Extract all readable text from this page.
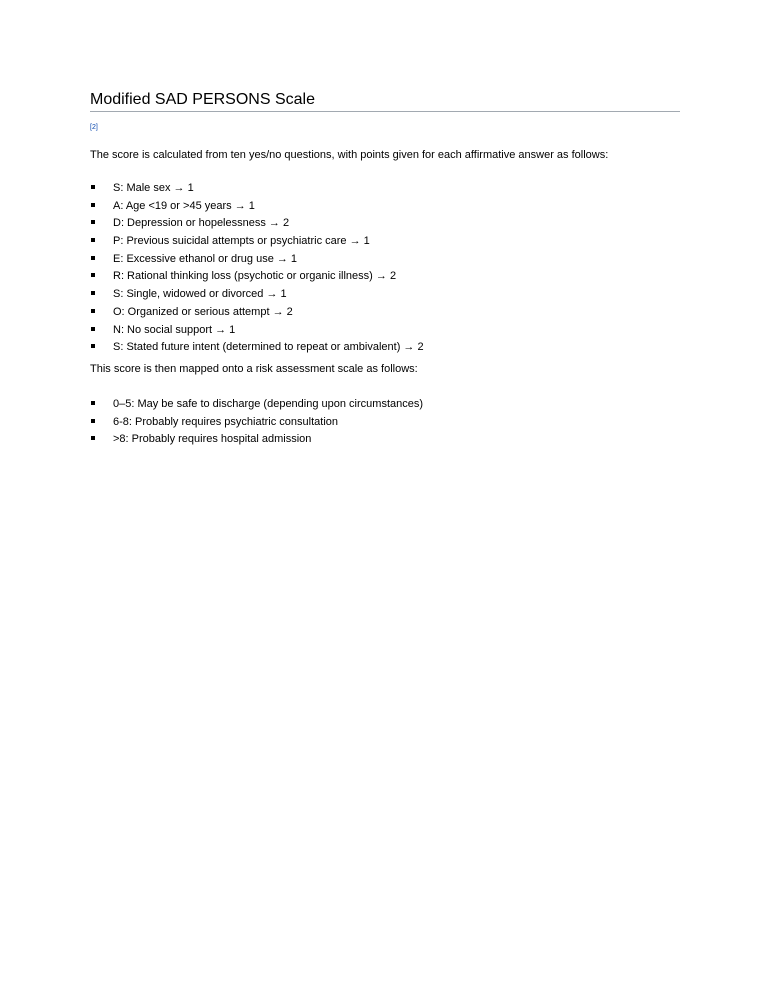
Modified SAD PERSONS Scale
[2]

The score is calculated from ten yes/no questions, with points given for each affirmative answer as follows:

S: Male sex → 1
A: Age <19 or >45 years → 1
D: Depression or hopelessness → 2
P: Previous suicidal attempts or psychiatric care → 1
E: Excessive ethanol or drug use → 1
R: Rational thinking loss (psychotic or organic illness) → 2
S: Single, widowed or divorced → 1
O: Organized or serious attempt → 2
N: No social support → 1
S: Stated future intent (determined to repeat or ambivalent) → 2

This score is then mapped onto a risk assessment scale as follows:

0–5: May be safe to discharge (depending upon circumstances)
6-8: Probably requires psychiatric consultation
>8: Probably requires hospital admission
